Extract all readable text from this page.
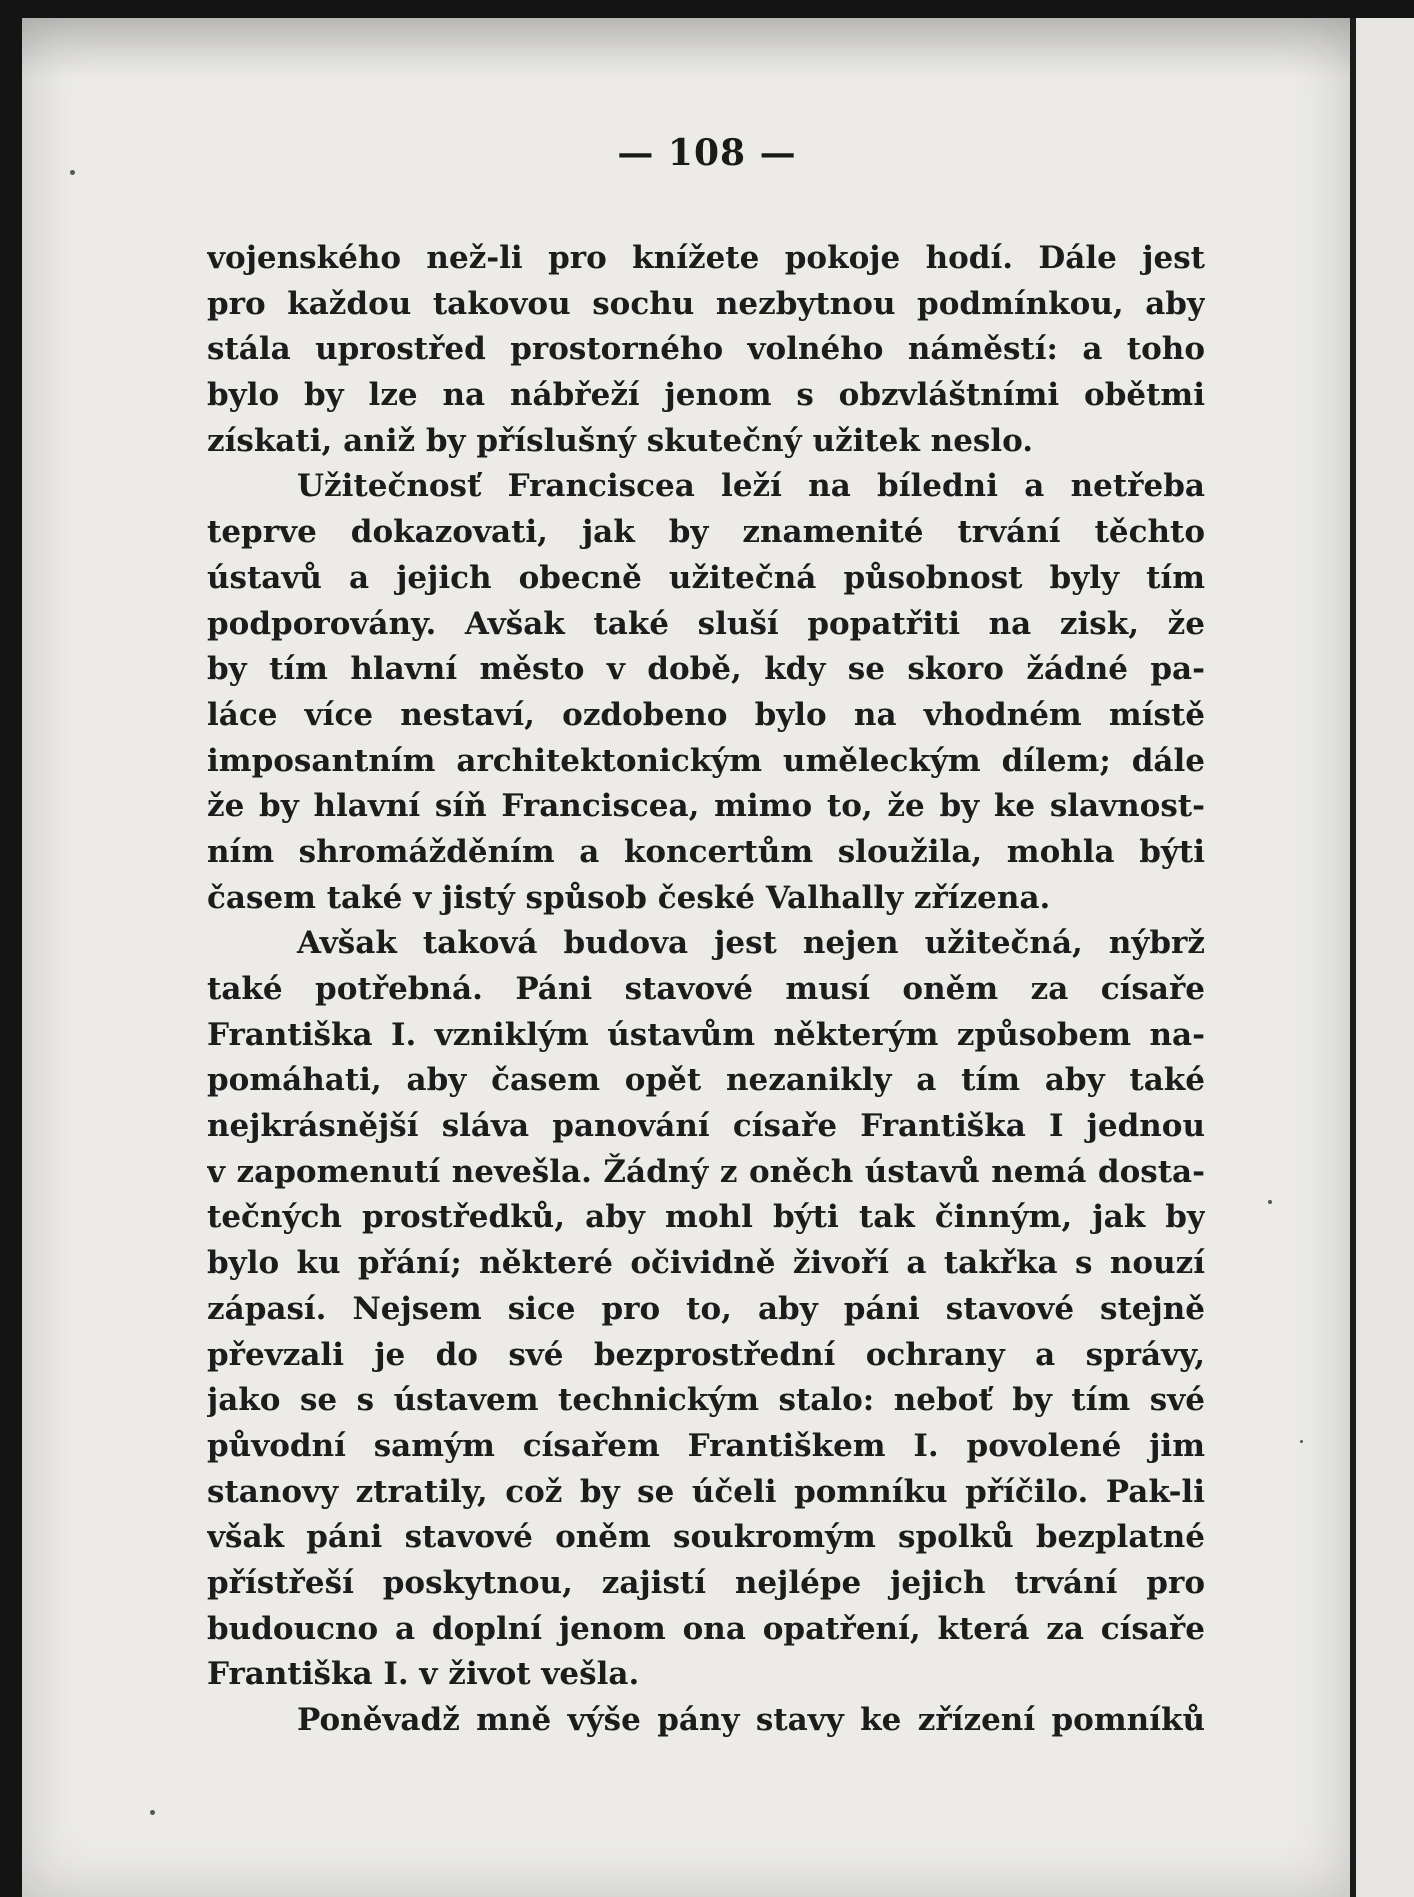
— 108 —
vojenského než-li pro knížete pokoje hodí. Dále jest
pro každou takovou sochu nezbytnou podmínkou, aby
stála uprostřed prostorného volného náměstí: a toho
bylo by lze na nábřeží jenom s obzvláštními obětmi
získati, aniž by příslušný skutečný užitek neslo.
Užitečnosť Franciscea leží na bíledni a netřeba
teprve dokazovati, jak by znamenité trvání těchto
ústavů a jejich obecně užitečná působnost byly tím
podporovány. Avšak také sluší popatřiti na zisk, že
by tím hlavní město v době, kdy se skoro žádné pa-
láce více nestaví, ozdobeno bylo na vhodném místě
imposantním architektonickým uměleckým dílem; dále
že by hlavní síň Franciscea, mimo to, že by ke slavnost-
ním shromážděním a koncertům sloužila, mohla býti
časem také v jistý spůsob české Valhally zřízena.
Avšak taková budova jest nejen užitečná, nýbrž
také potřebná. Páni stavové musí oněm za císaře
Františka I. vzniklým ústavům některým způsobem na-
pomáhati, aby časem opět nezanikly a tím aby také
nejkrásnější sláva panování císaře Františka I jednou
v zapomenutí nevešla. Žádný z oněch ústavů nemá dosta-
tečných prostředků, aby mohl býti tak činným, jak by
bylo ku přání; některé očividně živoří a takřka s nouzí
zápasí. Nejsem sice pro to, aby páni stavové stejně
převzali je do své bezprostřední ochrany a správy,
jako se s ústavem technickým stalo: neboť by tím své
původní samým císařem Františkem I. povolené jim
stanovy ztratily, což by se účeli pomníku příčilo. Pak-li
však páni stavové oněm soukromým spolků bezplatné
přístřeší poskytnou, zajistí nejlépe jejich trvání pro
budoucno a doplní jenom ona opatření, která za císaře
Františka I. v život vešla.
Poněvadž mně výše pány stavy ke zřízení pomníků
